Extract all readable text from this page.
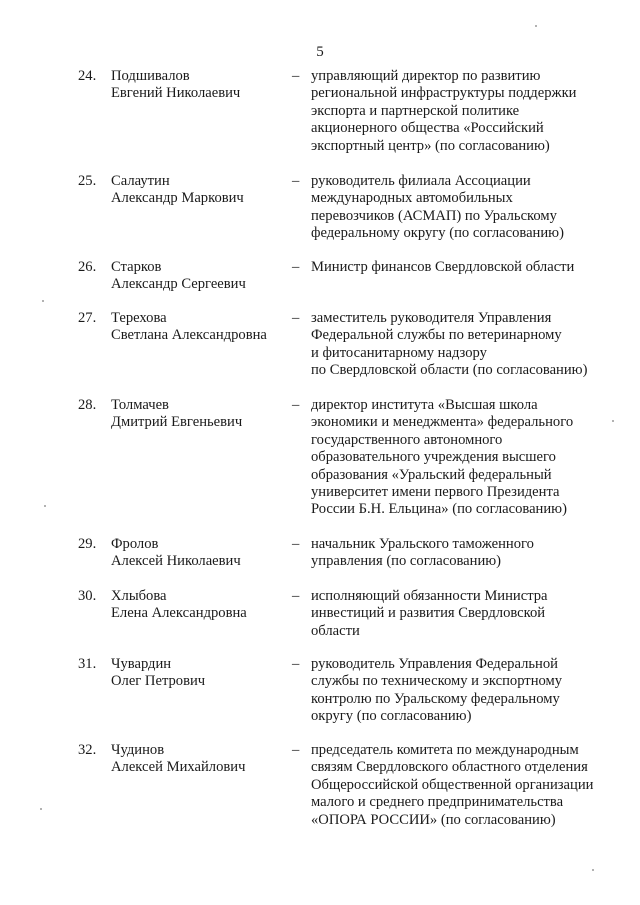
5
24.	Подшивалов
Евгений Николаевич
– управляющий директор по развитию
региональной инфраструктуры поддержки
экспорта и партнерской политике
акционерного общества «Российский
экспортный центр» (по согласованию)
25.	Салаутин
Александр Маркович
– руководитель филиала Ассоциации
международных автомобильных
перевозчиков (АСМАП) по Уральскому
федеральному округу (по согласованию)
26.	Старков
Александр Сергеевич
– Министр финансов Свердловской области
27.	Терехова
Светлана Александровна
– заместитель руководителя Управления
Федеральной службы по ветеринарному
и фитосанитарному надзору
по Свердловской области (по согласованию)
28.	Толмачев
Дмитрий Евгеньевич
– директор института «Высшая школа
экономики и менеджмента» федерального
государственного автономного
образовательного учреждения высшего
образования «Уральский федеральный
университет имени первого Президента
России Б.Н. Ельцина» (по согласованию)
29.	Фролов
Алексей Николаевич
– начальник Уральского таможенного
управления (по согласованию)
30.	Хлыбова
Елена Александровна
– исполняющий обязанности Министра
инвестиций и развития Свердловской
области
31.	Чувардин
Олег Петрович
– руководитель Управления Федеральной
службы по техническому и экспортному
контролю по Уральскому федеральному
округу (по согласованию)
32.	Чудинов
Алексей Михайлович
– председатель комитета по международным
связям Свердловского областного отделения
Общероссийской общественной организации
малого и среднего предпринимательства
«ОПОРА РОССИИ» (по согласованию)
